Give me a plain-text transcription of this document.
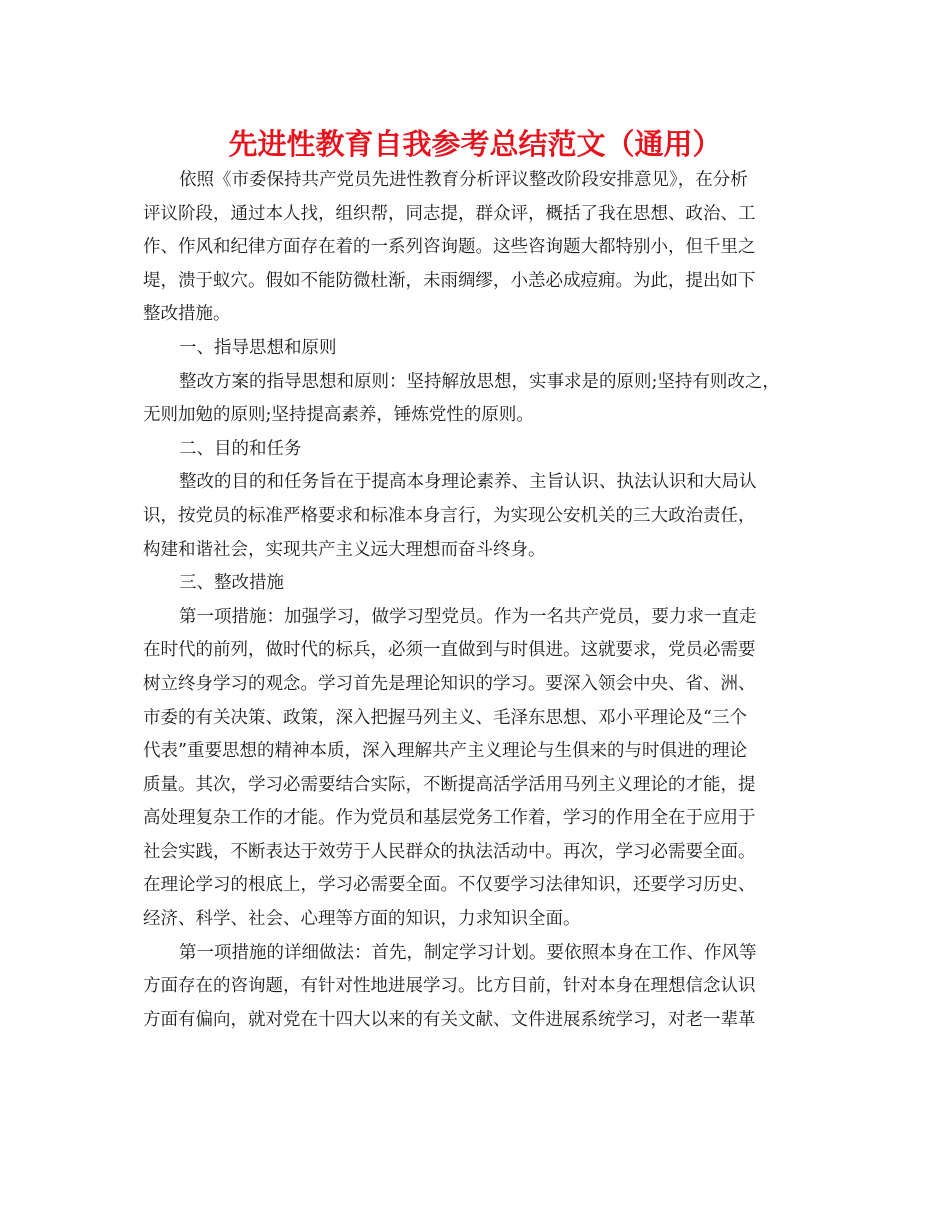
先进性教育自我参考总结范文（通用）
依照《市委保持共产党员先进性教育分析评议整改阶段安排意见》，在分析
评议阶段，通过本人找，组织帮，同志提，群众评，概括了我在思想、政治、工
作、作风和纪律方面存在着的一系列咨询题。这些咨询题大都特别小，但千里之
堤，溃于蚁穴。假如不能防微杜渐，未雨绸缪，小恙必成痘痈。为此，提出如下
整改措施。
一、指导思想和原则
整改方案的指导思想和原则：坚持解放思想，实事求是的原则;坚持有则改之，
无则加勉的原则;坚持提高素养，锤炼党性的原则。
二、目的和任务
整改的目的和任务旨在于提高本身理论素养、主旨认识、执法认识和大局认
识，按党员的标准严格要求和标准本身言行，为实现公安机关的三大政治责任，
构建和谐社会，实现共产主义远大理想而奋斗终身。
三、整改措施
第一项措施：加强学习，做学习型党员。作为一名共产党员，要力求一直走
在时代的前列，做时代的标兵，必须一直做到与时俱进。这就要求，党员必需要
树立终身学习的观念。学习首先是理论知识的学习。要深入领会中央、省、洲、
市委的有关决策、政策，深入把握马列主义、毛泽东思想、邓小平理论及“三个
代表”重要思想的精神本质，深入理解共产主义理论与生俱来的与时俱进的理论
质量。其次，学习必需要结合实际，不断提高活学活用马列主义理论的才能，提
高处理复杂工作的才能。作为党员和基层党务工作着，学习的作用全在于应用于
社会实践，不断表达于效劳于人民群众的执法活动中。再次，学习必需要全面。
在理论学习的根底上，学习必需要全面。不仅要学习法律知识，还要学习历史、
经济、科学、社会、心理等方面的知识，力求知识全面。
第一项措施的详细做法：首先，制定学习计划。要依照本身在工作、作风等
方面存在的咨询题，有针对性地进展学习。比方目前，针对本身在理想信念认识
方面有偏向，就对党在十四大以来的有关文献、文件进展系统学习，对老一辈革
